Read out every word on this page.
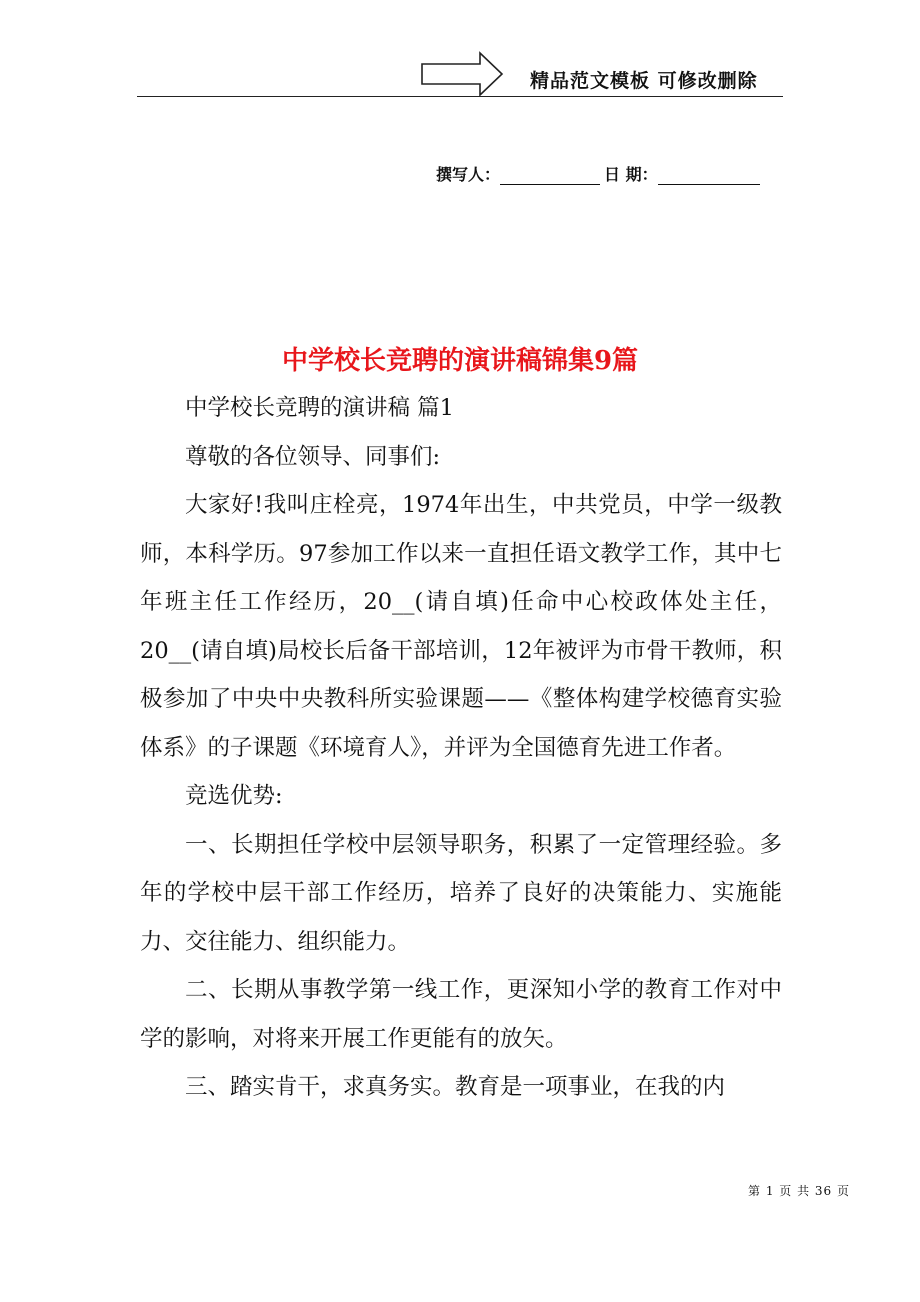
精品范文模板 可修改删除
撰写人：	日 期：
中学校长竞聘的演讲稿锦集9篇

中学校长竞聘的演讲稿 篇1

尊敬的各位领导、同事们:

大家好!我叫庄栓亮，1974年出生，中共党员，中学一级教师，本科学历。97参加工作以来一直担任语文教学工作，其中七年班主任工作经历，20__(请自填)任命中心校政体处主任，20__(请自填)局校长后备干部培训，12年被评为市骨干教师，积极参加了中央中央教科所实验课题——《整体构建学校德育实验体系》的子课题《环境育人》，并评为全国德育先进工作者。

竞选优势:

一、长期担任学校中层领导职务，积累了一定管理经验。多年的学校中层干部工作经历，培养了良好的决策能力、实施能力、交往能力、组织能力。

二、长期从事教学第一线工作，更深知小学的教育工作对中学的影响，对将来开展工作更能有的放矢。

三、踏实肯干，求真务实。教育是一项事业，在我的内

第 1 页 共 36 页
